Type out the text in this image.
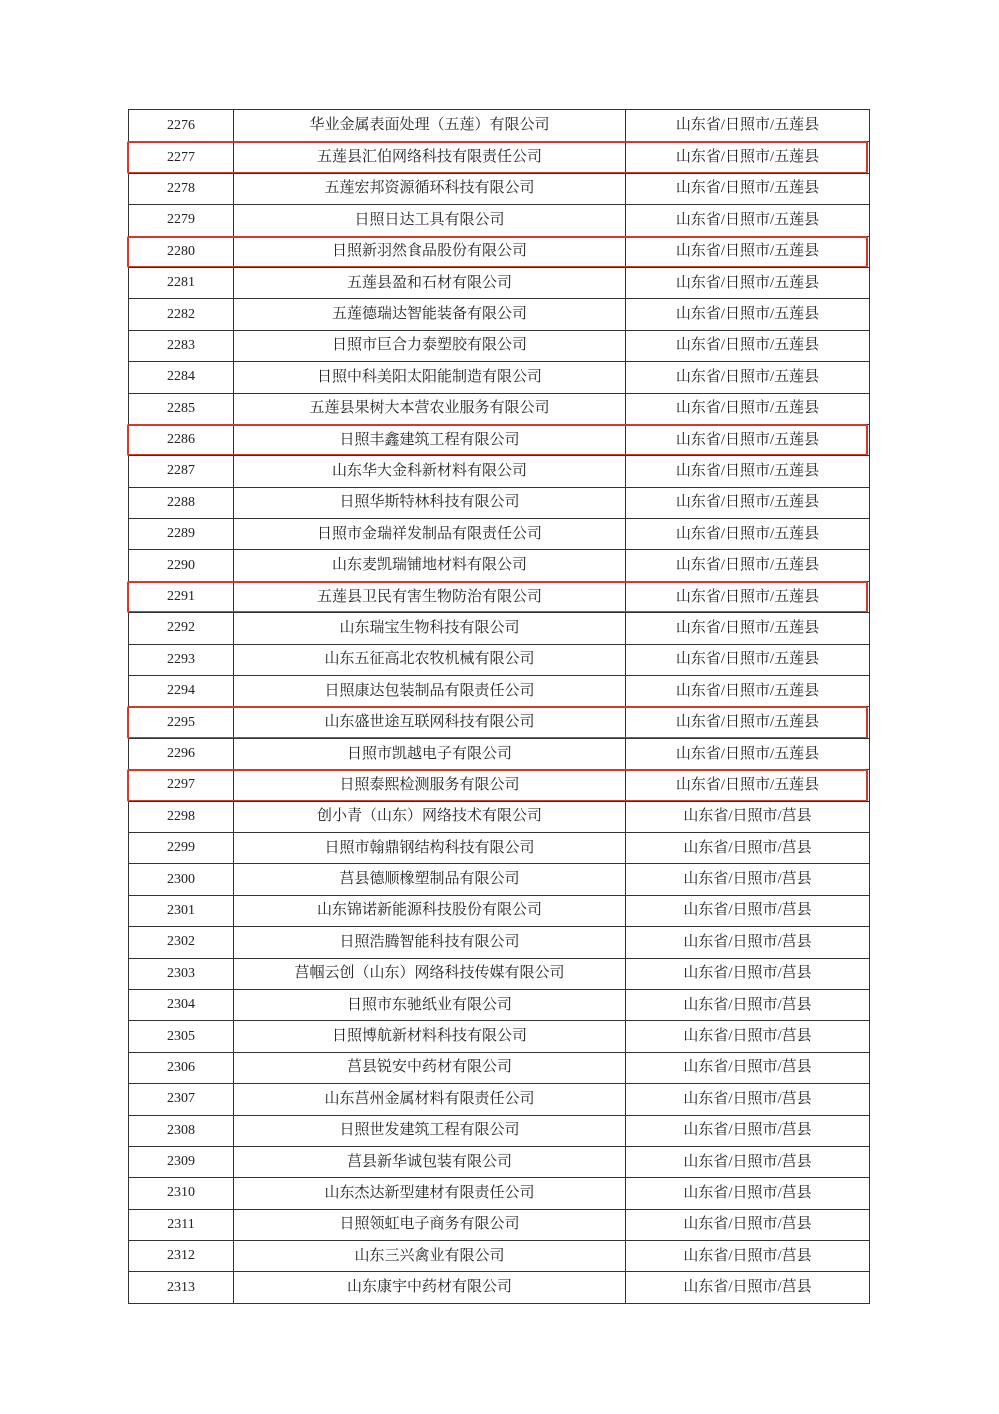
2276	华业金属表面处理（五莲）有限公司	山东省/日照市/五莲县
2277	五莲县汇伯网络科技有限责任公司	山东省/日照市/五莲县
2278	五莲宏邦资源循环科技有限公司	山东省/日照市/五莲县
2279	日照日达工具有限公司	山东省/日照市/五莲县
2280	日照新羽然食品股份有限公司	山东省/日照市/五莲县
2281	五莲县盈和石材有限公司	山东省/日照市/五莲县
2282	五莲德瑞达智能装备有限公司	山东省/日照市/五莲县
2283	日照市巨合力泰塑胶有限公司	山东省/日照市/五莲县
2284	日照中科美阳太阳能制造有限公司	山东省/日照市/五莲县
2285	五莲县果树大本营农业服务有限公司	山东省/日照市/五莲县
2286	日照丰鑫建筑工程有限公司	山东省/日照市/五莲县
2287	山东华大金科新材料有限公司	山东省/日照市/五莲县
2288	日照华斯特林科技有限公司	山东省/日照市/五莲县
2289	日照市金瑞祥发制品有限责任公司	山东省/日照市/五莲县
2290	山东麦凯瑞铺地材料有限公司	山东省/日照市/五莲县
2291	五莲县卫民有害生物防治有限公司	山东省/日照市/五莲县
2292	山东瑞宝生物科技有限公司	山东省/日照市/五莲县
2293	山东五征高北农牧机械有限公司	山东省/日照市/五莲县
2294	日照康达包装制品有限责任公司	山东省/日照市/五莲县
2295	山东盛世途互联网科技有限公司	山东省/日照市/五莲县
2296	日照市凯越电子有限公司	山东省/日照市/五莲县
2297	日照泰熙检测服务有限公司	山东省/日照市/五莲县
2298	创小青（山东）网络技术有限公司	山东省/日照市/莒县
2299	日照市翰鼎钢结构科技有限公司	山东省/日照市/莒县
2300	莒县德顺橡塑制品有限公司	山东省/日照市/莒县
2301	山东锦诺新能源科技股份有限公司	山东省/日照市/莒县
2302	日照浩腾智能科技有限公司	山东省/日照市/莒县
2303	莒帼云创（山东）网络科技传媒有限公司	山东省/日照市/莒县
2304	日照市东驰纸业有限公司	山东省/日照市/莒县
2305	日照博航新材料科技有限公司	山东省/日照市/莒县
2306	莒县锐安中药材有限公司	山东省/日照市/莒县
2307	山东莒州金属材料有限责任公司	山东省/日照市/莒县
2308	日照世发建筑工程有限公司	山东省/日照市/莒县
2309	莒县新华诚包装有限公司	山东省/日照市/莒县
2310	山东杰达新型建材有限责任公司	山东省/日照市/莒县
2311	日照领虹电子商务有限公司	山东省/日照市/莒县
2312	山东三兴禽业有限公司	山东省/日照市/莒县
2313	山东康宇中药材有限公司	山东省/日照市/莒县
